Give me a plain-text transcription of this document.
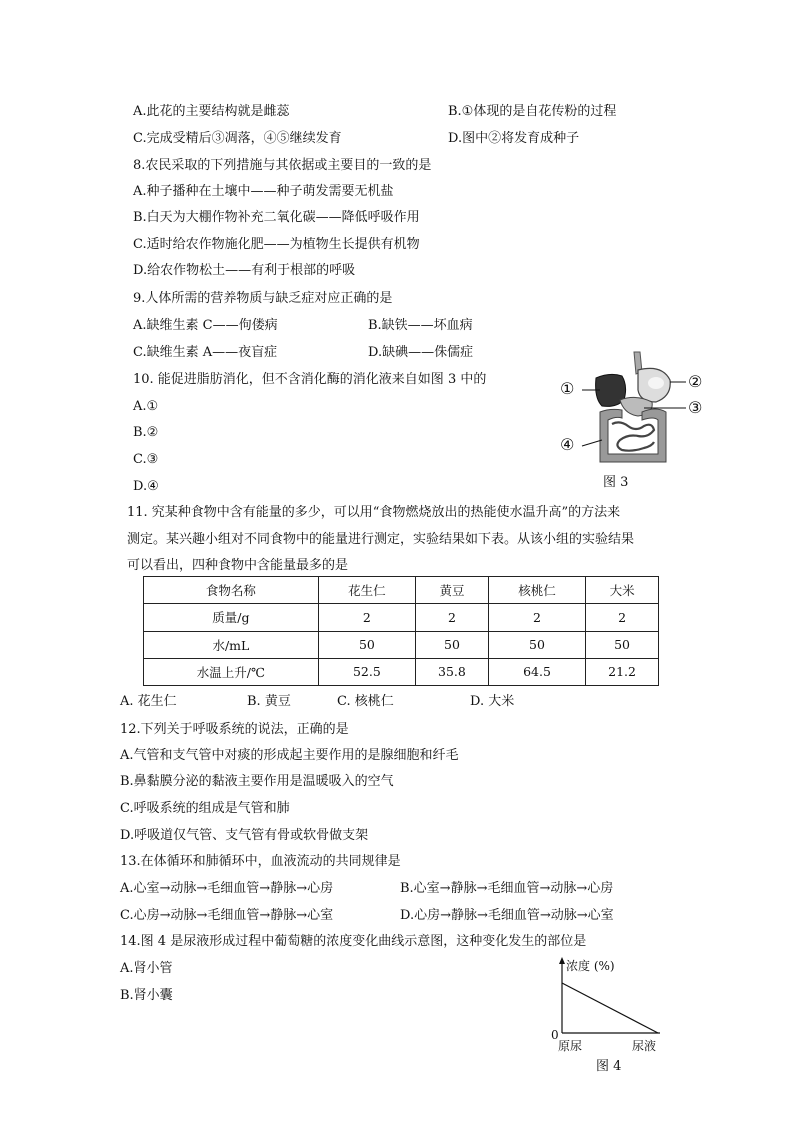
A.此花的主要结构就是雌蕊	B.①体现的是自花传粉的过程
C.完成受精后③凋落，④⑤继续发育	D.图中②将发育成种子
8.农民采取的下列措施与其依据或主要目的一致的是
A.种子播种在土壤中——种子萌发需要无机盐
B.白天为大棚作物补充二氧化碳——降低呼吸作用
C.适时给农作物施化肥——为植物生长提供有机物
D.给农作物松土——有利于根部的呼吸
9.人体所需的营养物质与缺乏症对应正确的是
A.缺维生素 C——佝偻病	B.缺铁——坏血病
C.缺维生素 A——夜盲症	D.缺碘——侏儒症
10. 能促进脂肪消化，但不含消化酶的消化液来自如图 3 中的
A.①
B.②
C.③
D.④
①	②
③
④
图 3
11. 究某种食物中含有能量的多少，可以用“食物燃烧放出的热能使水温升高”的方法来
测定。某兴趣小组对不同食物中的能量进行测定，实验结果如下表。从该小组的实验结果
可以看出，四种食物中含能量最多的是
食物名称	花生仁	黄豆	核桃仁	大米
质量/g	2	2	2	2
水/mL	50	50	50	50
水温上升/℃	52.5	35.8	64.5	21.2
A. 花生仁	B. 黄豆	C. 核桃仁	D. 大米
12.下列关于呼吸系统的说法，正确的是
A.气管和支气管中对痰的形成起主要作用的是腺细胞和纤毛
B.鼻黏膜分泌的黏液主要作用是温暖吸入的空气
C.呼吸系统的组成是气管和肺
D.呼吸道仅气管、支气管有骨或软骨做支架
13.在体循环和肺循环中，血液流动的共同规律是
A.心室→动脉→毛细血管→静脉→心房	B.心室→静脉→毛细血管→动脉→心房
C.心房→动脉→毛细血管→静脉→心室	D.心房→静脉→毛细血管→动脉→心室
14.图 4 是尿液形成过程中葡萄糖的浓度变化曲线示意图，这种变化发生的部位是
A.肾小管
B.肾小囊
浓度 (%)
0
原尿	尿液
图 4
